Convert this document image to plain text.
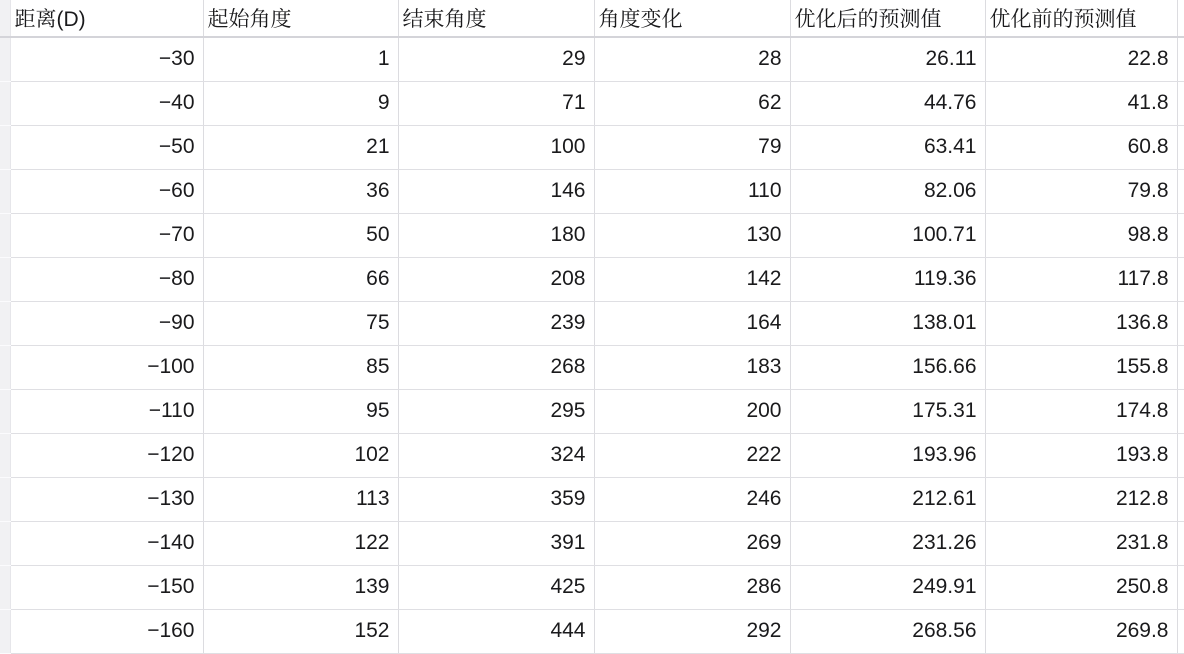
	距离(D)	起始角度	结束角度	角度变化	优化后的预测值	优化前的预测值	
	−30	1	29	28	26.11	22.8	
	−40	9	71	62	44.76	41.8	
	−50	21	100	79	63.41	60.8	
	−60	36	146	110	82.06	79.8	
	−70	50	180	130	100.71	98.8	
	−80	66	208	142	119.36	117.8	
	−90	75	239	164	138.01	136.8	
	−100	85	268	183	156.66	155.8	
	−110	95	295	200	175.31	174.8	
	−120	102	324	222	193.96	193.8	
	−130	113	359	246	212.61	212.8	
	−140	122	391	269	231.26	231.8	
	−150	139	425	286	249.91	250.8	
	−160	152	444	292	268.56	269.8	
